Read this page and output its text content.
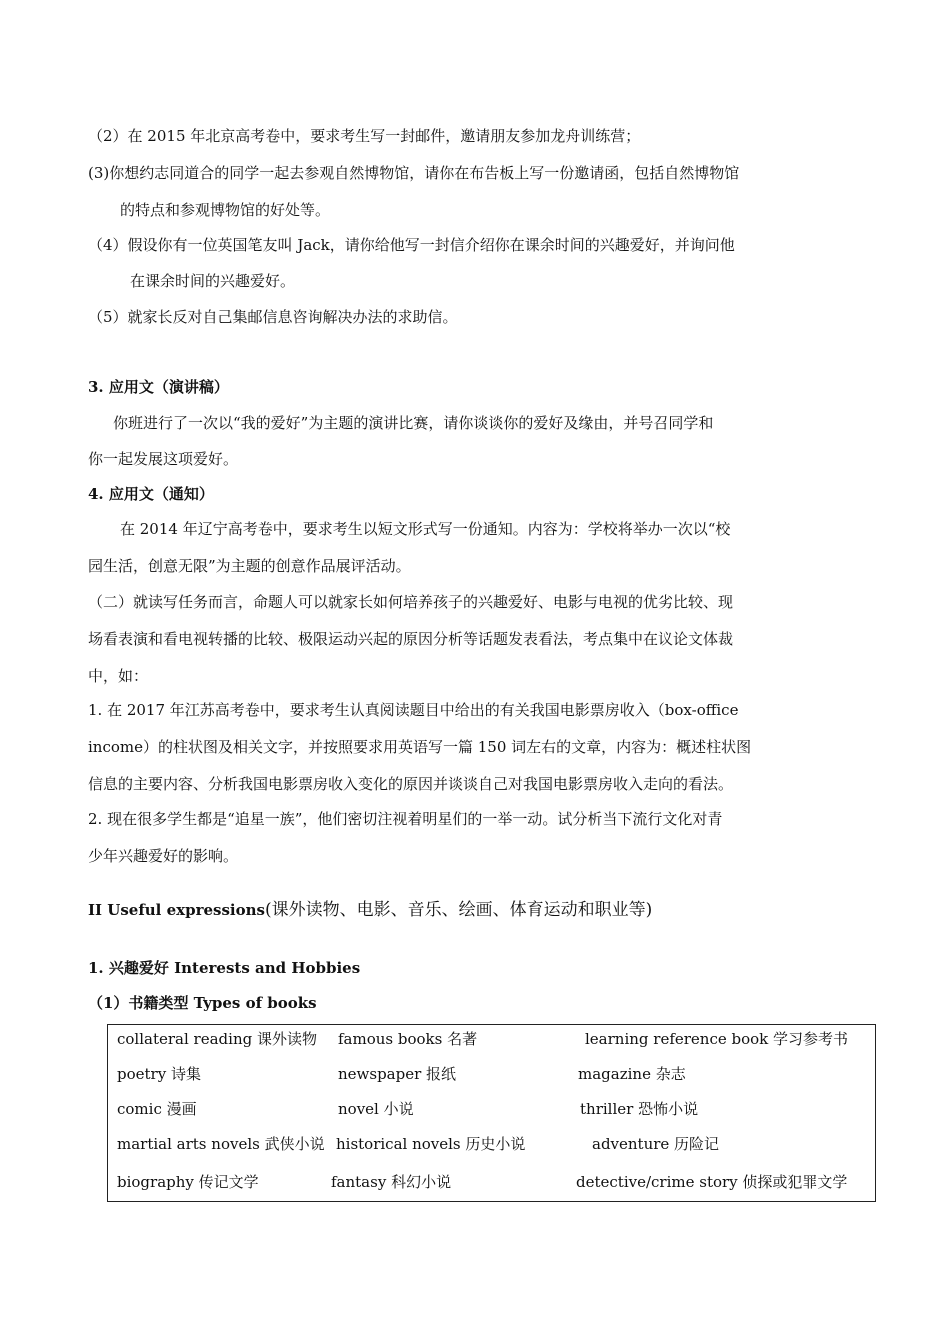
（2）在 2015 年北京高考卷中，要求考生写一封邮件，邀请朋友参加龙舟训练营；
(3)你想约志同道合的同学一起去参观自然博物馆，请你在布告板上写一份邀请函，包括自然博物馆
的特点和参观博物馆的好处等。
（4）假设你有一位英国笔友叫 Jack，请你给他写一封信介绍你在课余时间的兴趣爱好，并询问他
在课余时间的兴趣爱好。
（5）就家长反对自己集邮信息咨询解决办法的求助信。
3. 应用文（演讲稿）
你班进行了一次以“我的爱好”为主题的演讲比赛，请你谈谈你的爱好及缘由，并号召同学和
你一起发展这项爱好。
4. 应用文（通知）
在 2014 年辽宁高考卷中，要求考生以短文形式写一份通知。内容为：学校将举办一次以“校
园生活，创意无限”为主题的创意作品展评活动。
（二）就读写任务而言，命题人可以就家长如何培养孩子的兴趣爱好、电影与电视的优劣比较、现
场看表演和看电视转播的比较、极限运动兴起的原因分析等话题发表看法，考点集中在议论文体裁
中，如：
1. 在 2017 年江苏高考卷中，要求考生认真阅读题目中给出的有关我国电影票房收入（box-office
income）的柱状图及相关文字，并按照要求用英语写一篇 150 词左右的文章，内容为：概述柱状图
信息的主要内容、分析我国电影票房收入变化的原因并谈谈自己对我国电影票房收入走向的看法。
2. 现在很多学生都是“追星一族”，他们密切注视着明星们的一举一动。试分析当下流行文化对青
少年兴趣爱好的影响。
II Useful expressions(课外读物、电影、音乐、绘画、体育运动和职业等)
1. 兴趣爱好 Interests and Hobbies
（1）书籍类型 Types of books
collateral reading 课外读物 famous books 名著	learning reference book 学习参考书
poetry 诗集	newspaper 报纸	magazine 杂志
comic 漫画	novel 小说	thriller 恐怖小说
martial arts novels 武侠小说 historical novels 历史小说	adventure 历险记
biography 传记文学	fantasy 科幻小说	detective/crime story 侦探或犯罪文学
